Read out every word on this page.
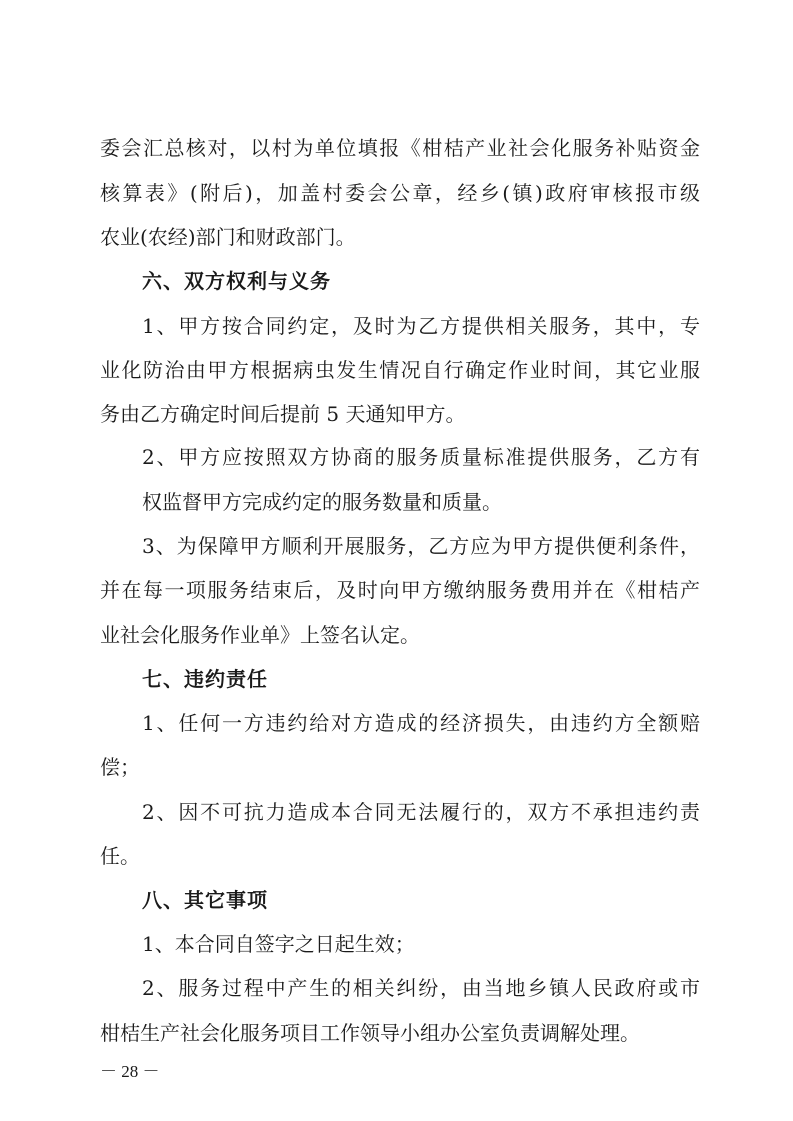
委会汇总核对，以村为单位填报《柑桔产业社会化服务补贴资金
核算表》(附后)，加盖村委会公章，经乡(镇)政府审核报市级
农业(农经)部门和财政部门。
六、双方权利与义务
1、甲方按合同约定，及时为乙方提供相关服务，其中，专
业化防治由甲方根据病虫发生情况自行确定作业时间，其它业服
务由乙方确定时间后提前 5 天通知甲方。
2、甲方应按照双方协商的服务质量标准提供服务，乙方有
权监督甲方完成约定的服务数量和质量。
3、为保障甲方顺利开展服务，乙方应为甲方提供便利条件，
并在每一项服务结束后，及时向甲方缴纳服务费用并在《柑桔产
业社会化服务作业单》上签名认定。
七、违约责任
1、任何一方违约给对方造成的经济损失，由违约方全额赔
偿；
2、因不可抗力造成本合同无法履行的，双方不承担违约责
任。
八、其它事项
1、本合同自签字之日起生效；
2、服务过程中产生的相关纠纷，由当地乡镇人民政府或市
柑桔生产社会化服务项目工作领导小组办公室负责调解处理。
－ 28 －
